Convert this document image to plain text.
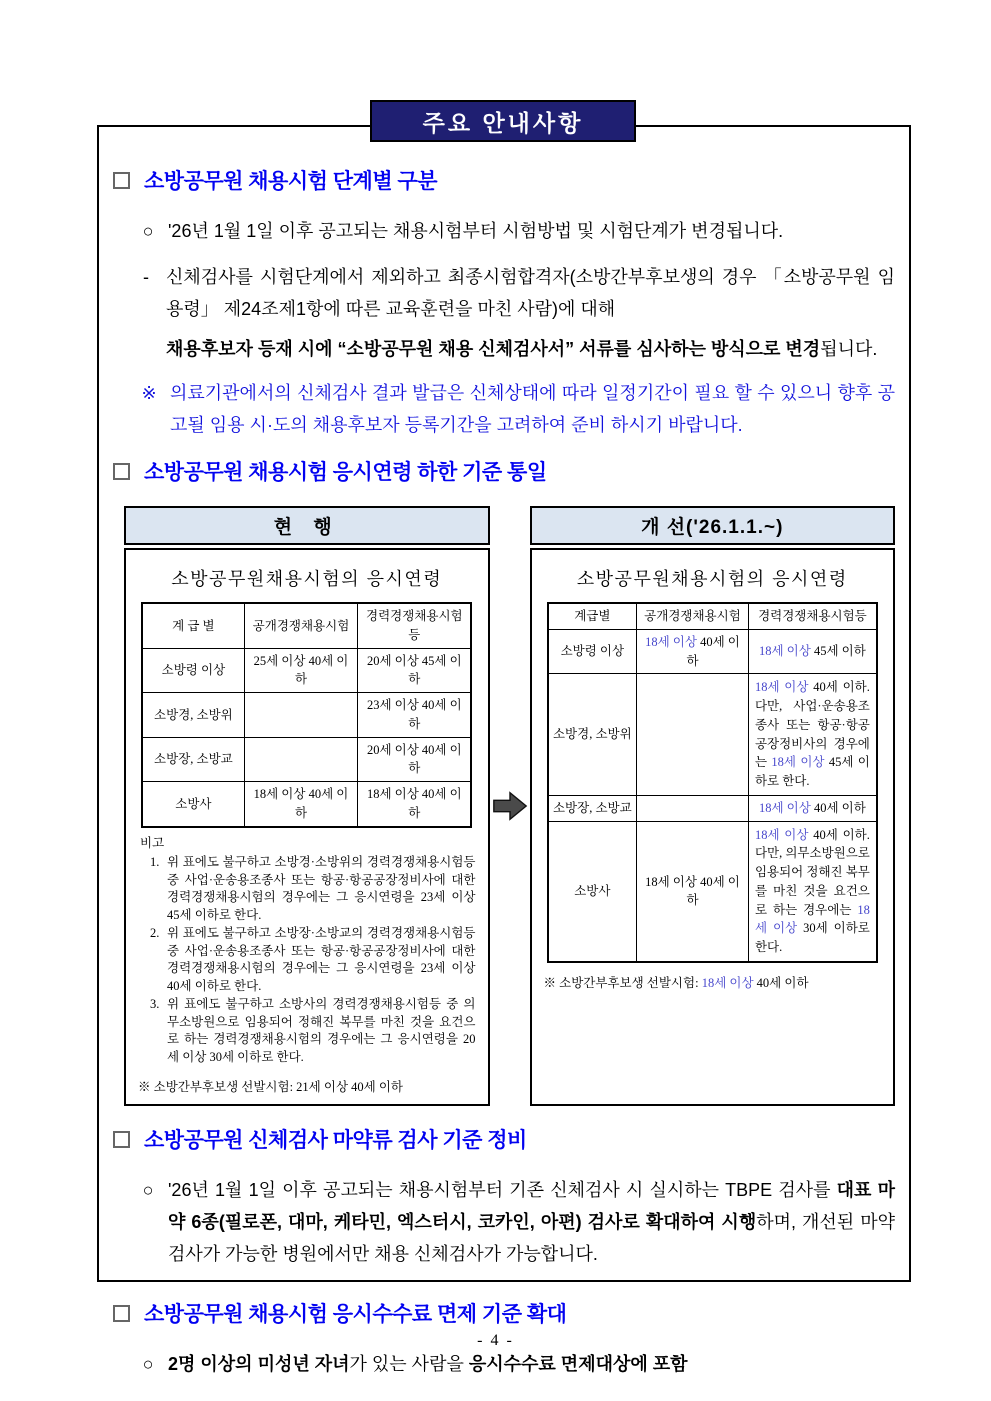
주요 안내사항
소방공무원 채용시험 단계별 구분
○ '26년 1월 1일 이후 공고되는 채용시험부터 시험방법 및 시험단계가 변경됩니다.
- 신체검사를 시험단계에서 제외하고 최종시험합격자(소방간부후보생의 경우 「소방공무원 임용령」 제24조제1항에 따른 교육훈련을 마친 사람)에 대해
채용후보자 등재 시에 “소방공무원 채용 신체검사서” 서류를 심사하는 방식으로 변경됩니다.
※ 의료기관에서의 신체검사 결과 발급은 신체상태에 따라 일정기간이 필요 할 수 있으니 향후 공고될 임용 시·도의 채용후보자 등록기간을 고려하여 준비 하시기 바랍니다.
소방공무원 채용시험 응시연령 하한 기준 통일
현 행
소방공무원채용시험의 응시연령
계 급 별	공개경쟁채용시험	경력경쟁채용시험등
소방령 이상	25세 이상 40세 이하	20세 이상 45세 이하
소방경, 소방위		23세 이상 40세 이하
소방장, 소방교		20세 이상 40세 이하
소방사	18세 이상 40세 이하	18세 이상 40세 이하
비고
위 표에도 불구하고 소방경·소방위의 경력경쟁채용시험등 중 사업·운송용조종사 또는 항공·항공공장정비사에 대한 경력경쟁채용시험의 경우에는 그 응시연령을 23세 이상 45세 이하로 한다.
위 표에도 불구하고 소방장·소방교의 경력경쟁채용시험등 중 사업·운송용조종사 또는 항공·항공공장정비사에 대한 경력경쟁채용시험의 경우에는 그 응시연령을 23세 이상 40세 이하로 한다.
위 표에도 불구하고 소방사의 경력경쟁채용시험등 중 의무소방원으로 임용되어 정해진 복무를 마친 것을 요건으로 하는 경력경쟁채용시험의 경우에는 그 응시연령을 20세 이상 30세 이하로 한다.
※ 소방간부후보생 선발시험: 21세 이상 40세 이하
개 선('26.1.1.~)
소방공무원채용시험의 응시연령
계급별	공개경쟁채용시험	경력경쟁채용시험등
소방령 이상	18세 이상 40세 이하	18세 이상 45세 이하
소방경, 소방위		18세 이상 40세 이하. 다만, 사업·운송용조종사 또는 항공·항공공장정비사의 경우에는 18세 이상 45세 이하로 한다.
소방장, 소방교		18세 이상 40세 이하
소방사	18세 이상 40세 이하	18세 이상 40세 이하. 다만, 의무소방원으로 임용되어 정해진 복무를 마친 것을 요건으로 하는 경우에는 18세 이상 30세 이하로 한다.
※ 소방간부후보생 선발시험: 18세 이상 40세 이하
소방공무원 신체검사 마약류 검사 기준 정비
○ '26년 1월 1일 이후 공고되는 채용시험부터 기존 신체검사 시 실시하는 TBPE 검사를 대표 마약 6종(필로폰, 대마, 케타민, 엑스터시, 코카인, 아편) 검사로 확대하여 시행하며, 개선된 마약검사가 가능한 병원에서만 채용 신체검사가 가능합니다.
소방공무원 채용시험 응시수수료 면제 기준 확대
○ 2명 이상의 미성년 자녀가 있는 사람을 응시수수료 면제대상에 포함
- 4 -
